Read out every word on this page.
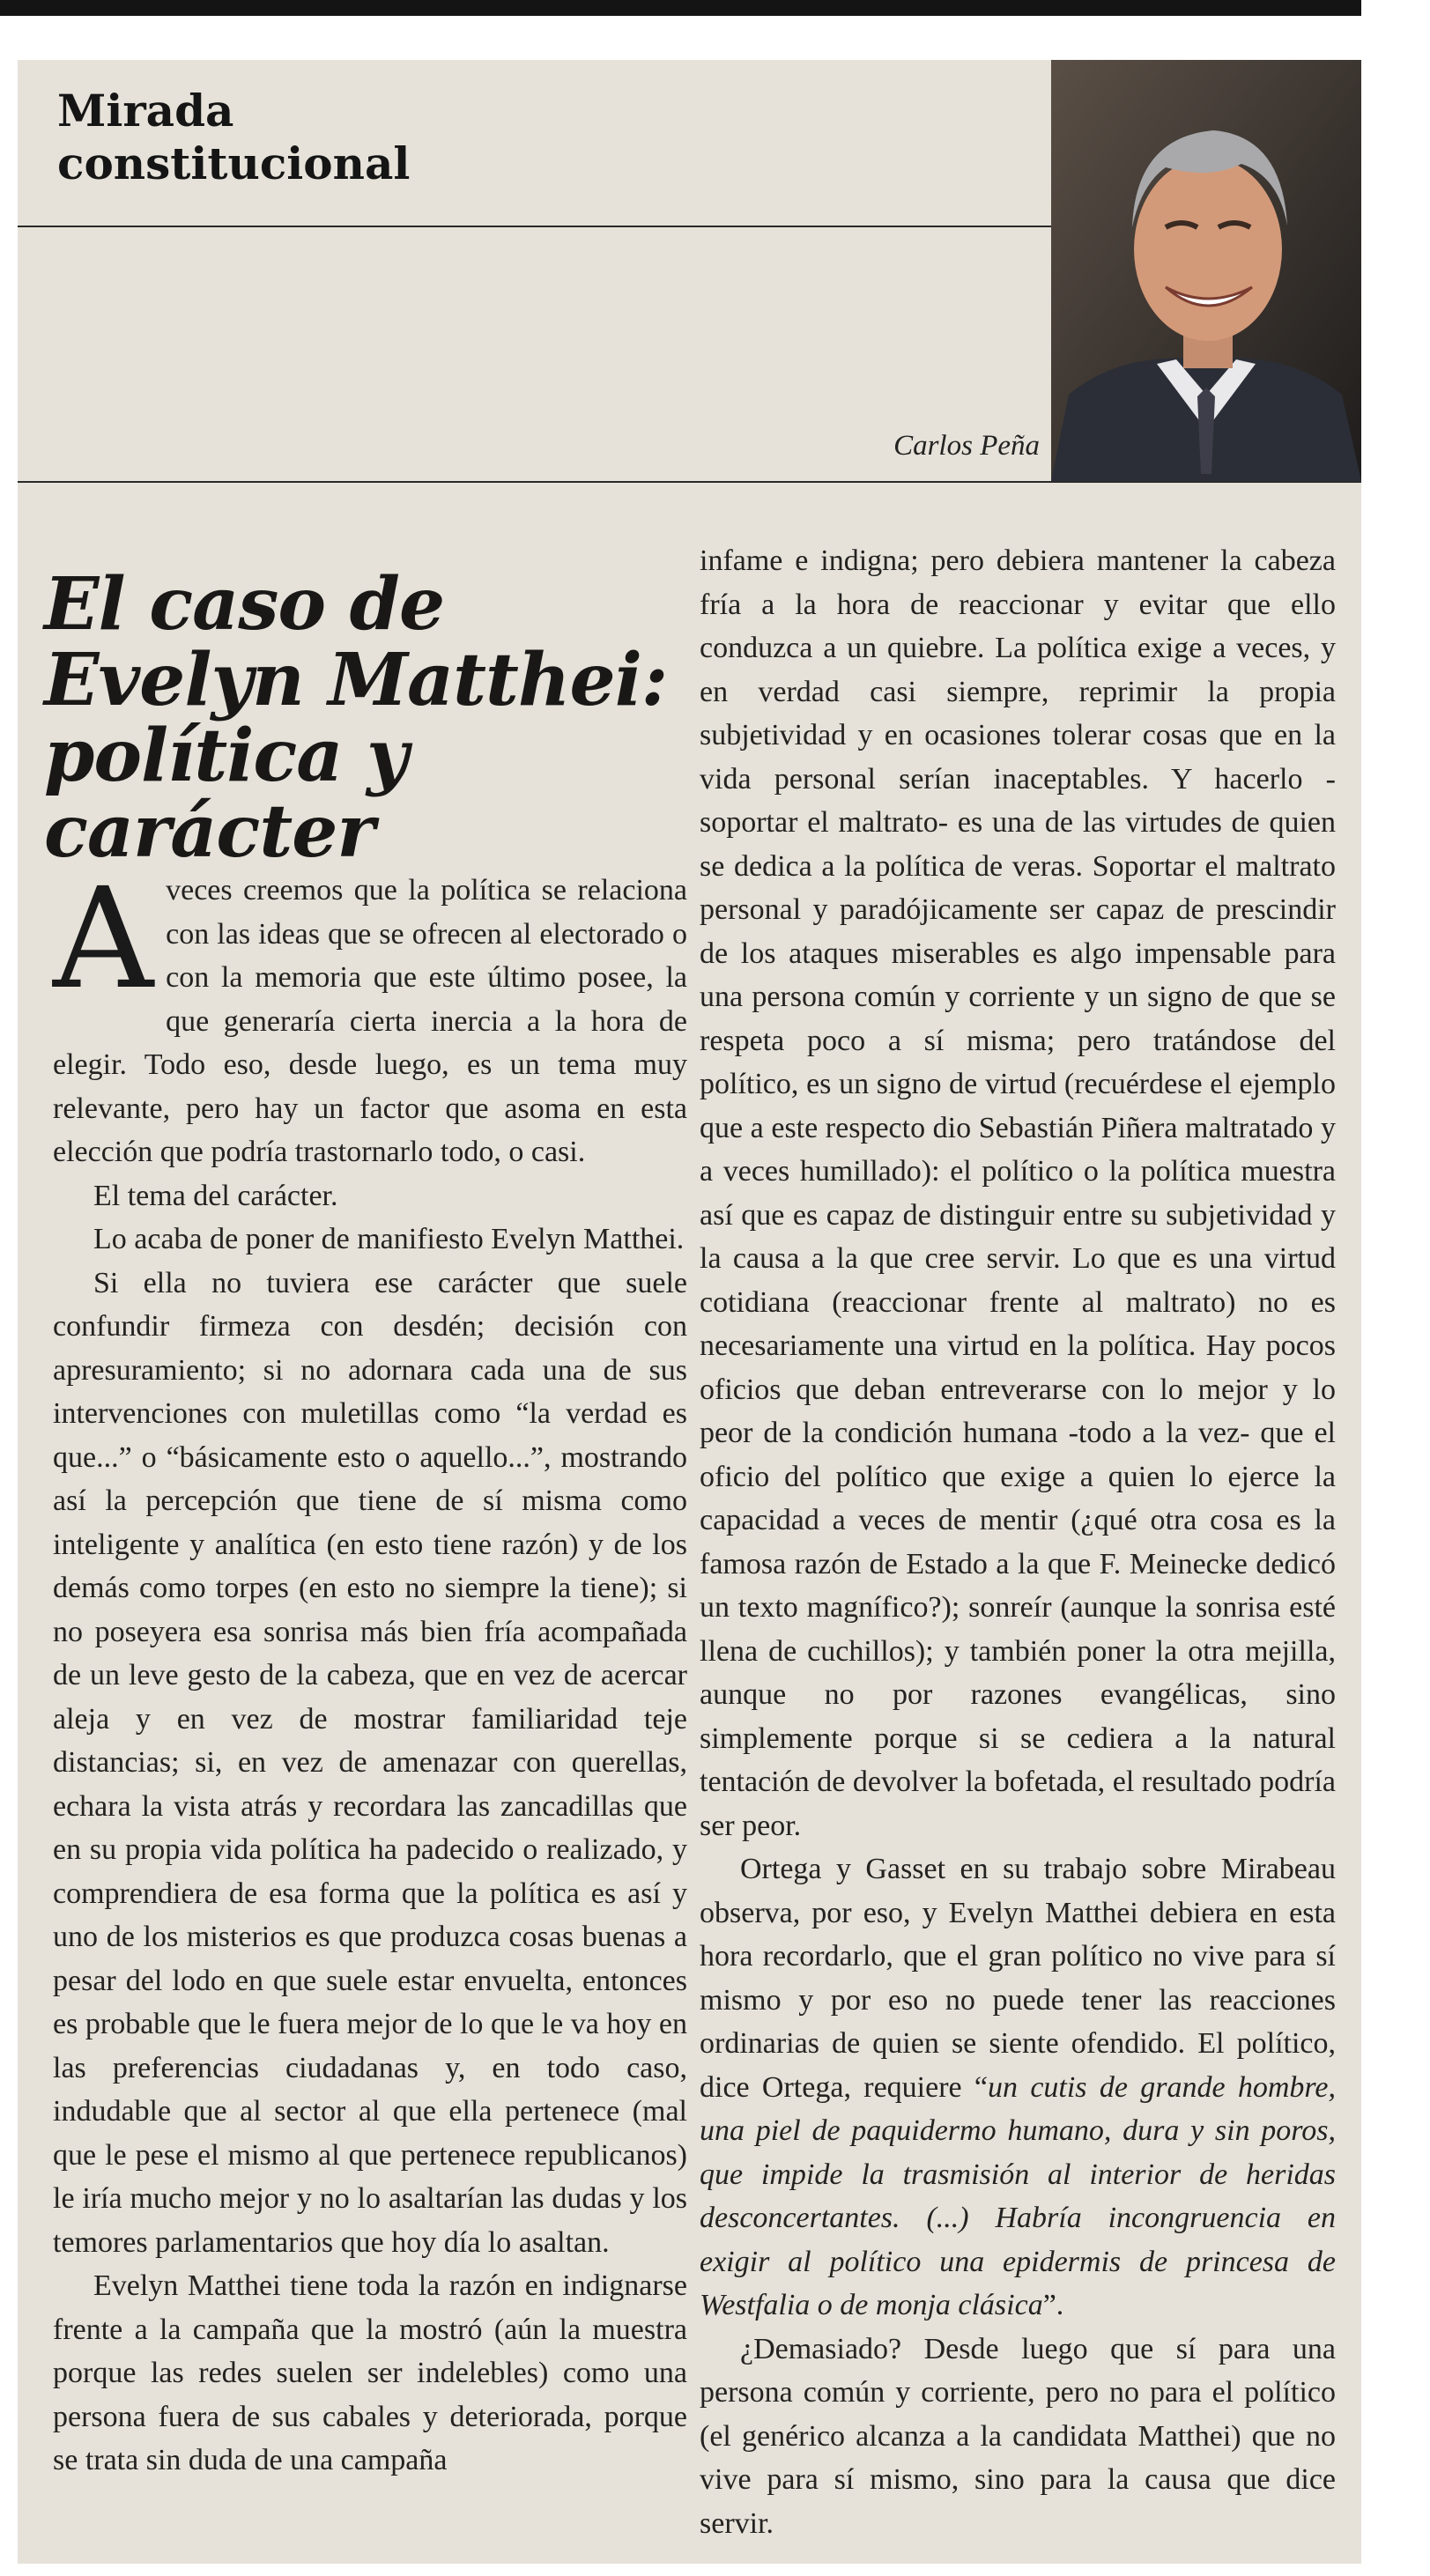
Mirada
constitucional
Carlos Peña
El caso de Evelyn Matthei: política y carácter

Aveces creemos que la política se relaciona con las ideas que se ofrecen al electorado o con la memoria que este último posee, la que generaría cierta inercia a la hora de elegir. Todo eso, desde luego, es un tema muy relevante, pero hay un factor que asoma en esta elección que podría trastornarlo todo, o casi.

El tema del carácter.

Lo acaba de poner de manifiesto Evelyn Matthei.

Si ella no tuviera ese carácter que suele confundir firmeza con desdén; decisión con apresuramiento; si no adornara cada una de sus intervenciones con muletillas como “la verdad es que...” o “básicamente esto o aquello...”, mostrando así la percepción que tiene de sí misma como inteligente y analítica (en esto tiene razón) y de los demás como torpes (en esto no siempre la tiene); si no poseyera esa sonrisa más bien fría acompañada de un leve gesto de la cabeza, que en vez de acercar aleja y en vez de mostrar familiaridad teje distancias; si, en vez de amenazar con querellas, echara la vista atrás y recordara las zancadillas que en su propia vida política ha padecido o realizado, y comprendiera de esa forma que la política es así y uno de los misterios es que produzca cosas buenas a pesar del lodo en que suele estar envuelta, entonces es probable que le fuera mejor de lo que le va hoy en las preferencias ciudadanas y, en todo caso, indudable que al sector al que ella pertenece (mal que le pese el mismo al que pertenece republicanos) le iría mucho mejor y no lo asaltarían las dudas y los temores parlamentarios que hoy día lo asaltan.

Evelyn Matthei tiene toda la razón en indignarse frente a la campaña que la mostró (aún la muestra porque las redes suelen ser indelebles) como una persona fuera de sus cabales y deteriorada, porque se trata sin duda de una campaña

infame e indigna; pero debiera mantener la cabeza fría a la hora de reaccionar y evitar que ello conduzca a un quiebre. La política exige a veces, y en verdad casi siempre, reprimir la propia subjetividad y en ocasiones tolerar cosas que en la vida personal serían inaceptables. Y hacerlo -soportar el maltrato- es una de las virtudes de quien se dedica a la política de veras. Soportar el maltrato personal y paradójicamente ser capaz de prescindir de los ataques miserables es algo impensable para una persona común y corriente y un signo de que se respeta poco a sí misma; pero tratándose del político, es un signo de virtud (recuérdese el ejemplo que a este respecto dio Sebastián Piñera maltratado y a veces humillado): el político o la política muestra así que es capaz de distinguir entre su subjetividad y la causa a la que cree servir. Lo que es una virtud cotidiana (reaccionar frente al maltrato) no es necesariamente una virtud en la política. Hay pocos oficios que deban entreverarse con lo mejor y lo peor de la condición humana -todo a la vez- que el oficio del político que exige a quien lo ejerce la capacidad a veces de mentir (¿qué otra cosa es la famosa razón de Estado a la que F. Meinecke dedicó un texto magnífico?); sonreír (aunque la sonrisa esté llena de cuchillos); y también poner la otra mejilla, aunque no por razones evangélicas, sino simplemente porque si se cediera a la natural tentación de devolver la bofetada, el resultado podría ser peor.

Ortega y Gasset en su trabajo sobre Mirabeau observa, por eso, y Evelyn Matthei debiera en esta hora recordarlo, que el gran político no vive para sí mismo y por eso no puede tener las reacciones ordinarias de quien se siente ofendido. El político, dice Ortega, requiere “un cutis de grande hombre, una piel de paquidermo humano, dura y sin poros, que impide la trasmisión al interior de heridas desconcertantes. (...) Habría incongruencia en exigir al político una epidermis de princesa de Westfalia o de monja clásica”.

¿Demasiado? Desde luego que sí para una persona común y corriente, pero no para el político (el genérico alcanza a la candidata Matthei) que no vive para sí mismo, sino para la causa que dice servir.
